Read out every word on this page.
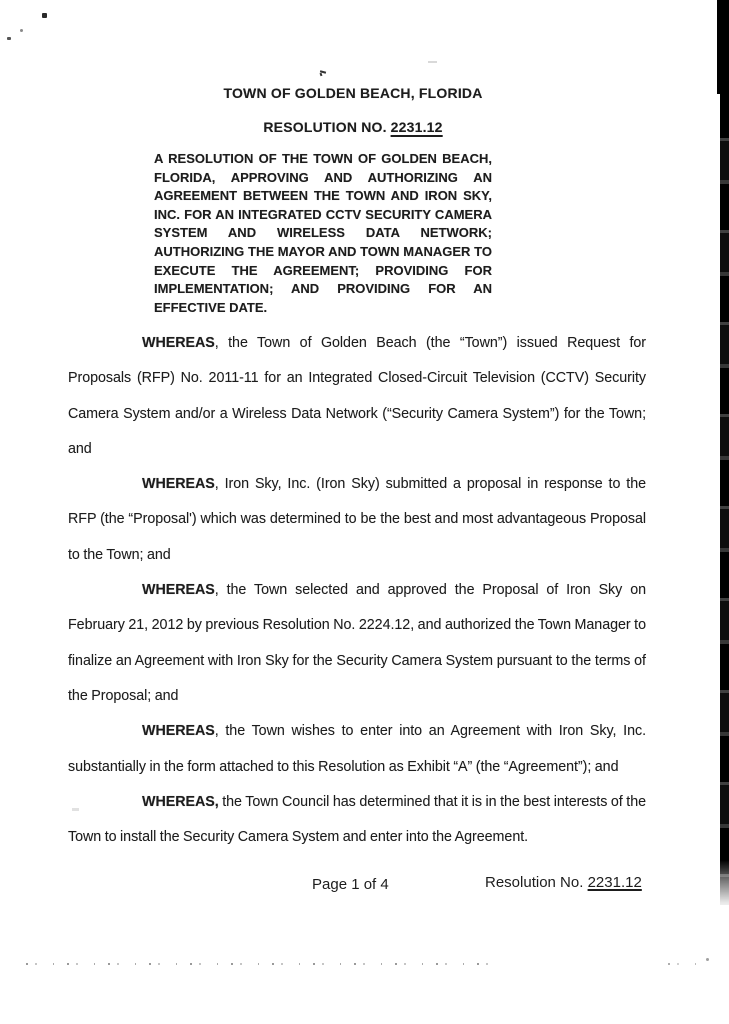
TOWN OF GOLDEN BEACH, FLORIDA
RESOLUTION NO. 2231.12
A RESOLUTION OF THE TOWN OF GOLDEN BEACH,
FLORIDA, APPROVING AND AUTHORIZING AN
AGREEMENT BETWEEN THE TOWN AND IRON SKY,
INC. FOR AN INTEGRATED CCTV SECURITY CAMERA
SYSTEM AND WIRELESS DATA NETWORK;
AUTHORIZING THE MAYOR AND TOWN MANAGER TO
EXECUTE THE AGREEMENT; PROVIDING FOR
IMPLEMENTATION; AND PROVIDING FOR AN
EFFECTIVE DATE.

WHEREAS, the Town of Golden Beach (the “Town”) issued Request for Proposals (RFP) No. 2011-11 for an Integrated Closed-Circuit Television (CCTV) Security Camera System and/or a Wireless Data Network (“Security Camera System”) for the Town; and

WHEREAS, Iron Sky, Inc. (Iron Sky) submitted a proposal in response to the RFP (the “Proposal') which was determined to be the best and most advantageous Proposal to the Town; and

WHEREAS, the Town selected and approved the Proposal of Iron Sky on February 21, 2012 by previous Resolution No. 2224.12, and authorized the Town Manager to finalize an Agreement with Iron Sky for the Security Camera System pursuant to the terms of the Proposal; and

WHEREAS, the Town wishes to enter into an Agreement with Iron Sky, Inc. substantially in the form attached to this Resolution as Exhibit “A” (the “Agreement”); and

WHEREAS, the Town Council has determined that it is in the best interests of the Town to install the Security Camera System and enter into the Agreement.

Page 1 of 4	Resolution No. 2231.12
